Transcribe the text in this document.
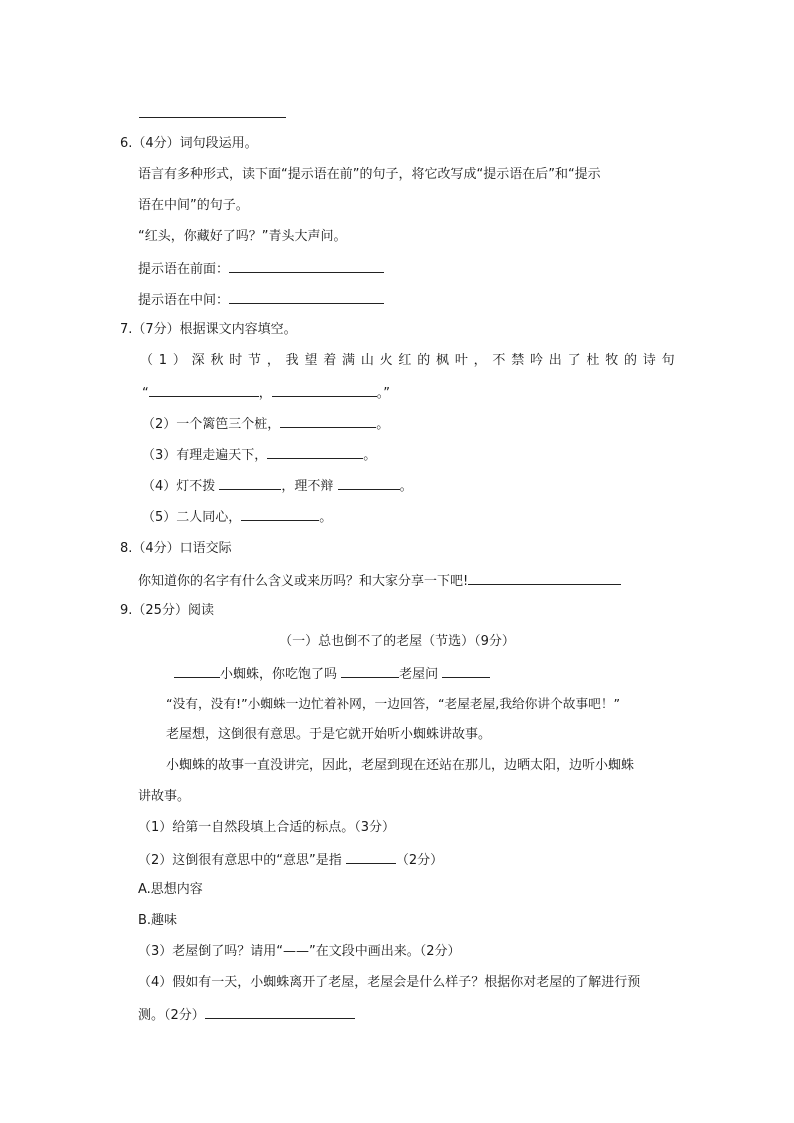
6.（4分）词句段运用。
语言有多种形式，读下面“提示语在前”的句子，将它改写成“提示语在后”和“提示
语在中间”的句子。
“红头，你藏好了吗？”青头大声问。
提示语在前面：
提示语在中间：
7.（7分）根据课文内容填空。
（ 1 ） 深 秋 时 节 ， 我 望 着 满 山 火 红 的 枫 叶 ， 不 禁 吟 出 了 杜 牧 的 诗 句
“	，	。”
（2）一个篱笆三个桩，	。
（3）有理走遍天下，	。
（4）灯不拨	，理不辩	。
（5）二人同心，	。
8.（4分）口语交际
你知道你的名字有什么含义或来历吗？和大家分享一下吧!
9.（25分）阅读
（一）总也倒不了的老屋（节选）（9分）
小蜘蛛，你吃饱了吗	老屋问
“没有，没有!”小蜘蛛一边忙着补网，一边回答，“老屋老屋,我给你讲个故事吧！”
老屋想，这倒很有意思。于是它就开始听小蜘蛛讲故事。
小蜘蛛的故事一直没讲完，因此，老屋到现在还站在那儿，边晒太阳，边听小蜘蛛
讲故事。
（1）给第一自然段填上合适的标点。（3分）
（2）这倒很有意思中的“意思”是指	（2分）
A.思想内容
B.趣味
（3）老屋倒了吗？请用“——”在文段中画出来。（2分）
（4）假如有一天，小蜘蛛离开了老屋，老屋会是什么样子？根据你对老屋的了解进行预
测。（2分）
